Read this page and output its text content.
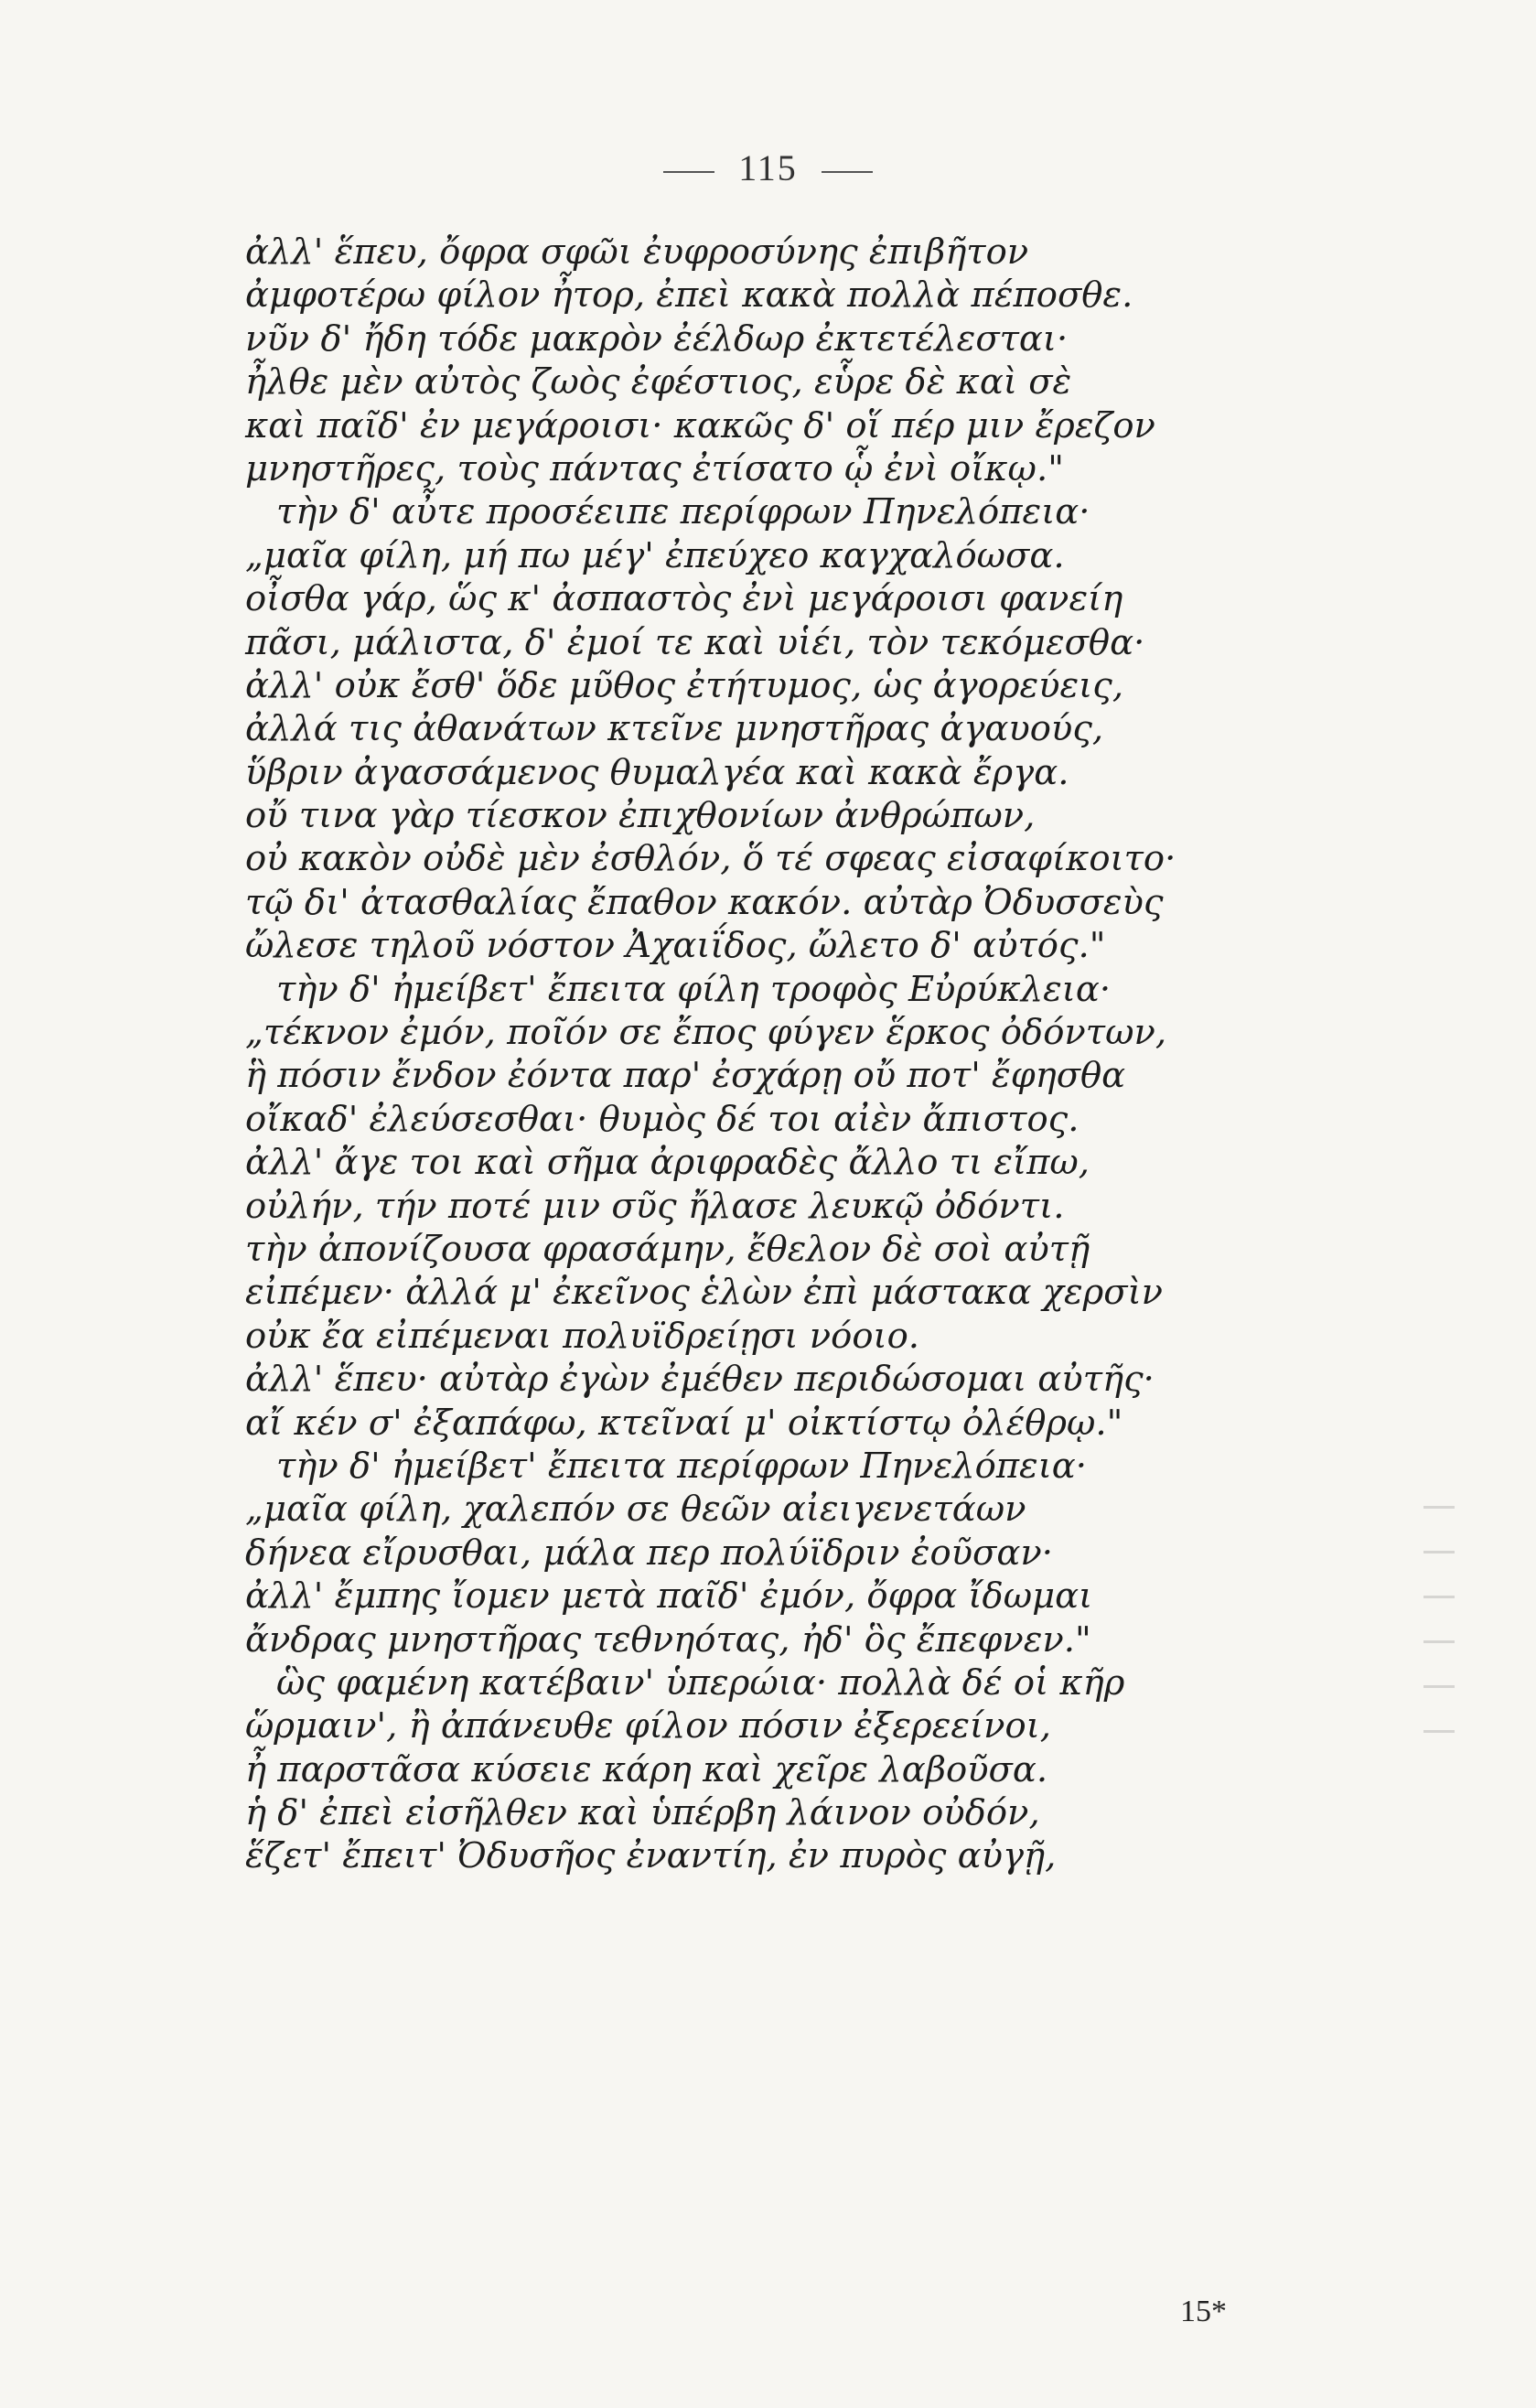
115
ἀλλ' ἕπευ, ὄφρα σφῶι ἐυφροσύνης ἐπιβῆτον
ἀμφοτέρω φίλον ἦτορ, ἐπεὶ κακὰ πολλὰ πέποσθε.
νῦν δ' ἤδη τόδε μακρὸν ἐέλδωρ ἐκτετέλεσται·
ἦλθε μὲν αὐτὸς ζωὸς ἐφέστιος, εὗρε δὲ καὶ σὲ
καὶ παῖδ' ἐν μεγάροισι· κακῶς δ' οἵ πέρ μιν ἔρεζον
μνηστῆρες, τοὺς πάντας ἐτίσατο ᾧ ἐνὶ οἴκῳ."
τὴν δ' αὖτε προσέειπε περίφρων Πηνελόπεια·
„μαῖα φίλη, μή πω μέγ' ἐπεύχεο καγχαλόωσα.
οἶσθα γάρ, ὥς κ' ἀσπαστὸς ἐνὶ μεγάροισι φανείη
πᾶσι, μάλιστα, δ' ἐμοί τε καὶ υἱέι, τὸν τεκόμεσθα·
ἀλλ' οὐκ ἔσθ' ὅδε μῦθος ἐτήτυμος, ὡς ἀγορεύεις,
ἀλλά τις ἀθανάτων κτεῖνε μνηστῆρας ἀγαυούς,
ὕβριν ἀγασσάμενος θυμαλγέα καὶ κακὰ ἔργα.
οὔ τινα γὰρ τίεσκον ἐπιχθονίων ἀνθρώπων,
οὐ κακὸν οὐδὲ μὲν ἐσθλόν, ὅ τέ σφεας εἰσαφίκοιτο·
τῷ δι' ἀτασθαλίας ἔπαθον κακόν. αὐτὰρ Ὀδυσσεὺς
ὤλεσε τηλοῦ νόστον Ἀχαιΐδος, ὤλετο δ' αὐτός."
τὴν δ' ἠμείβετ' ἔπειτα φίλη τροφὸς Εὐρύκλεια·
„τέκνον ἐμόν, ποῖόν σε ἔπος φύγεν ἕρκος ὀδόντων,
ἣ πόσιν ἔνδον ἐόντα παρ' ἐσχάρῃ οὔ ποτ' ἔφησθα
οἴκαδ' ἐλεύσεσθαι· θυμὸς δέ τοι αἰὲν ἄπιστος.
ἀλλ' ἄγε τοι καὶ σῆμα ἀριφραδὲς ἄλλο τι εἴπω,
οὐλήν, τήν ποτέ μιν σῦς ἤλασε λευκῷ ὀδόντι.
τὴν ἀπονίζουσα φρασάμην, ἔθελον δὲ σοὶ αὐτῇ
εἰπέμεν· ἀλλά μ' ἐκεῖνος ἑλὼν ἐπὶ μάστακα χερσὶν
οὐκ ἔα εἰπέμεναι πολυϊδρείῃσι νόοιο.
ἀλλ' ἕπευ· αὐτὰρ ἐγὼν ἐμέθεν περιδώσομαι αὐτῆς·
αἴ κέν σ' ἐξαπάφω, κτεῖναί μ' οἰκτίστῳ ὀλέθρῳ."
τὴν δ' ἠμείβετ' ἔπειτα περίφρων Πηνελόπεια·
„μαῖα φίλη, χαλεπόν σε θεῶν αἰειγενετάων
δήνεα εἴρυσθαι, μάλα περ πολύϊδριν ἐοῦσαν·
ἀλλ' ἔμπης ἴομεν μετὰ παῖδ' ἐμόν, ὄφρα ἴδωμαι
ἄνδρας μνηστῆρας τεθνηότας, ἠδ' ὃς ἔπεφνεν."
ὣς φαμένη κατέβαιν' ὑπερώια· πολλὰ δέ οἱ κῆρ
ὥρμαιν', ἢ ἀπάνευθε φίλον πόσιν ἐξερεείνοι,
ἦ παρστᾶσα κύσειε κάρη καὶ χεῖρε λαβοῦσα.
ἡ δ' ἐπεὶ εἰσῆλθεν καὶ ὑπέρβη λάινον οὐδόν,
ἕζετ' ἔπειτ' Ὀδυσῆος ἐναντίη, ἐν πυρὸς αὐγῇ,
15*
